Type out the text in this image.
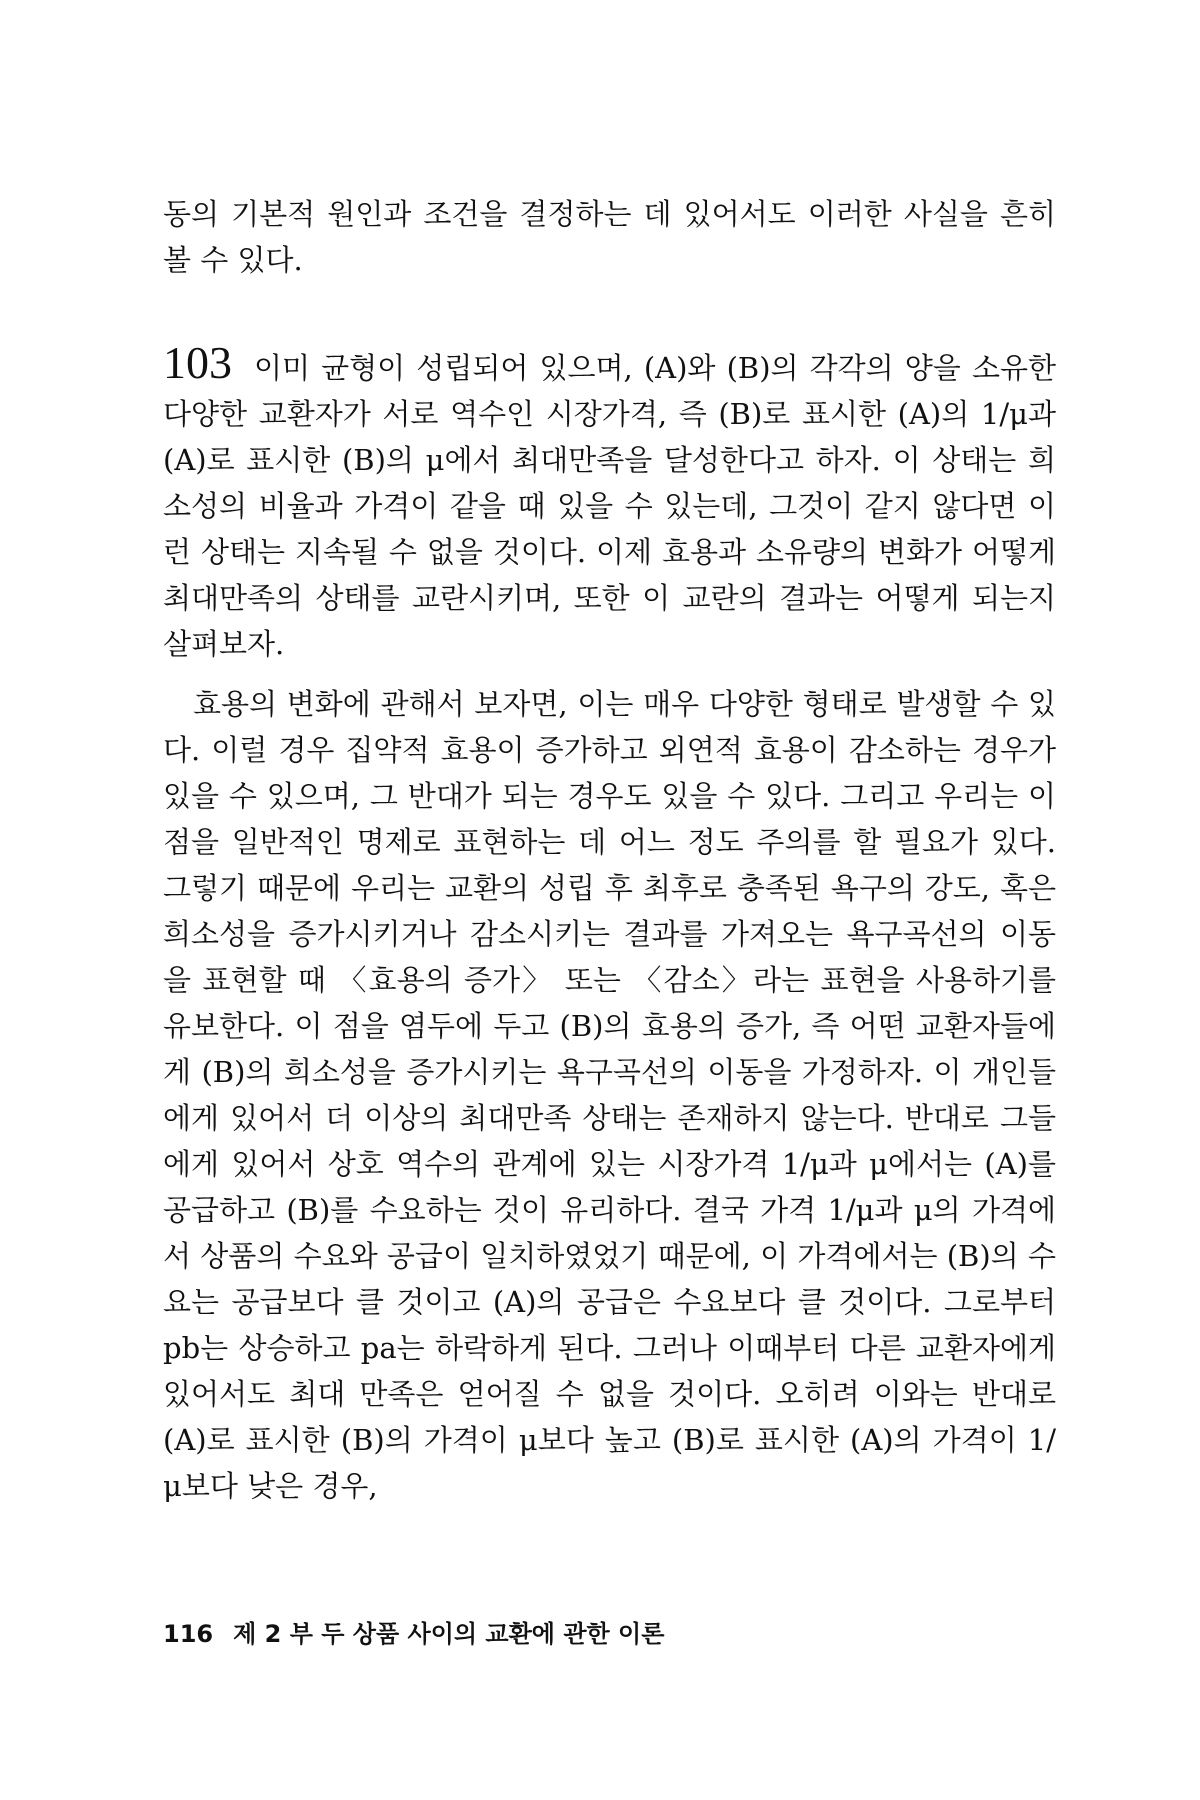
동의 기본적 원인과 조건을 결정하는 데 있어서도 이러한 사실을 흔히 볼 수 있다.

103 이미 균형이 성립되어 있으며, (A)와 (B)의 각각의 양을 소유한 다양한 교환자가 서로 역수인 시장가격, 즉 (B)로 표시한 (A)의 1/μ과 (A)로 표시한 (B)의 μ에서 최대만족을 달성한다고 하자. 이 상태는 희소성의 비율과 가격이 같을 때 있을 수 있는데, 그것이 같지 않다면 이런 상태는 지속될 수 없을 것이다. 이제 효용과 소유량의 변화가 어떻게 최대만족의 상태를 교란시키며, 또한 이 교란의 결과는 어떻게 되는지 살펴보자.

효용의 변화에 관해서 보자면, 이는 매우 다양한 형태로 발생할 수 있다. 이럴 경우 집약적 효용이 증가하고 외연적 효용이 감소하는 경우가 있을 수 있으며, 그 반대가 되는 경우도 있을 수 있다. 그리고 우리는 이 점을 일반적인 명제로 표현하는 데 어느 정도 주의를 할 필요가 있다. 그렇기 때문에 우리는 교환의 성립 후 최후로 충족된 욕구의 강도, 혹은 희소성을 증가시키거나 감소시키는 결과를 가져오는 욕구곡선의 이동을 표현할 때 〈효용의 증가〉 또는 〈감소〉라는 표현을 사용하기를 유보한다. 이 점을 염두에 두고 (B)의 효용의 증가, 즉 어떤 교환자들에게 (B)의 희소성을 증가시키는 욕구곡선의 이동을 가정하자. 이 개인들에게 있어서 더 이상의 최대만족 상태는 존재하지 않는다. 반대로 그들에게 있어서 상호 역수의 관계에 있는 시장가격 1/μ과 μ에서는 (A)를 공급하고 (B)를 수요하는 것이 유리하다. 결국 가격 1/μ과 μ의 가격에서 상품의 수요와 공급이 일치하였었기 때문에, 이 가격에서는 (B)의 수요는 공급보다 클 것이고 (A)의 공급은 수요보다 클 것이다. 그로부터 pb는 상승하고 pa는 하락하게 된다. 그러나 이때부터 다른 교환자에게 있어서도 최대 만족은 얻어질 수 없을 것이다. 오히려 이와는 반대로 (A)로 표시한 (B)의 가격이 μ보다 높고 (B)로 표시한 (A)의 가격이 1/μ보다 낮은 경우,

116 제 2 부 두 상품 사이의 교환에 관한 이론
